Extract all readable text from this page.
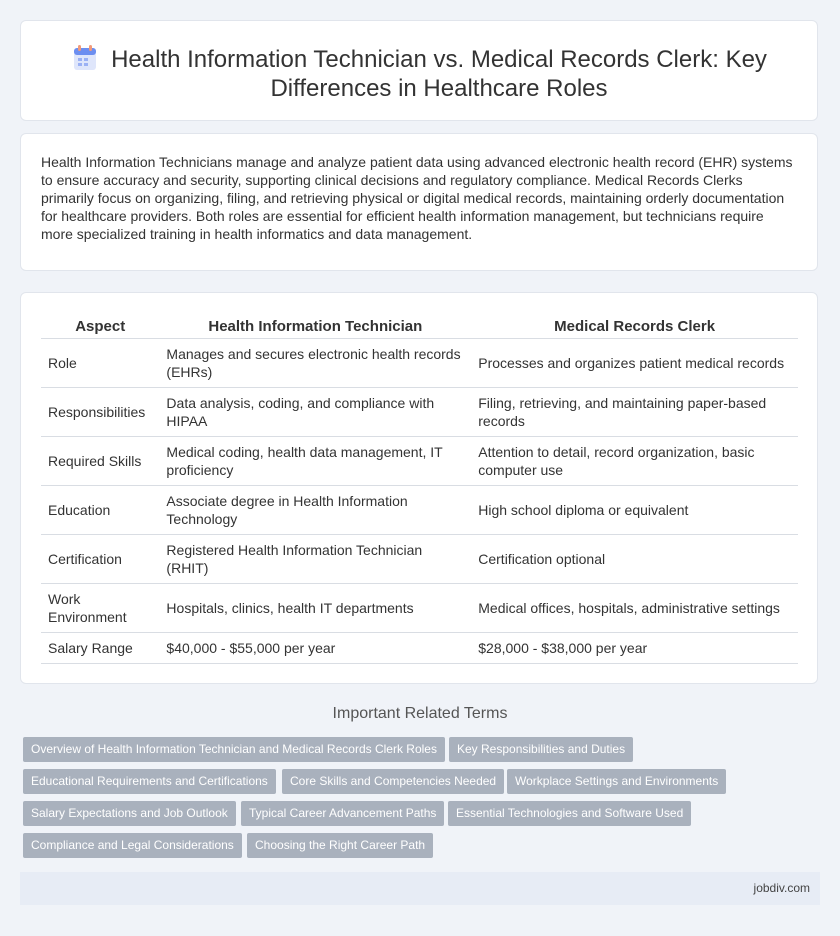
Health Information Technician vs. Medical Records Clerk: Key Differences in Healthcare Roles
Health Information Technicians manage and analyze patient data using advanced electronic health record (EHR) systems to ensure accuracy and security, supporting clinical decisions and regulatory compliance. Medical Records Clerks primarily focus on organizing, filing, and retrieving physical or digital medical records, maintaining orderly documentation for healthcare providers. Both roles are essential for efficient health information management, but technicians require more specialized training in health informatics and data management.
Aspect	Health Information Technician	Medical Records Clerk
Role	Manages and secures electronic health records (EHRs)	Processes and organizes patient medical records
Responsibilities	Data analysis, coding, and compliance with HIPAA	Filing, retrieving, and maintaining paper-based records
Required Skills	Medical coding, health data management, IT proficiency	Attention to detail, record organization, basic computer use
Education	Associate degree in Health Information Technology	High school diploma or equivalent
Certification	Registered Health Information Technician (RHIT)	Certification optional
Work Environment	Hospitals, clinics, health IT departments	Medical offices, hospitals, administrative settings
Salary Range	$40,000 - $55,000 per year	$28,000 - $38,000 per year
Important Related Terms
Overview of Health Information Technician and Medical Records Clerk Roles	Key Responsibilities and Duties
Educational Requirements and Certifications	Core Skills and Competencies Needed	Workplace Settings and Environments
Salary Expectations and Job Outlook	Typical Career Advancement Paths	Essential Technologies and Software Used
Compliance and Legal Considerations	Choosing the Right Career Path
jobdiv.com
